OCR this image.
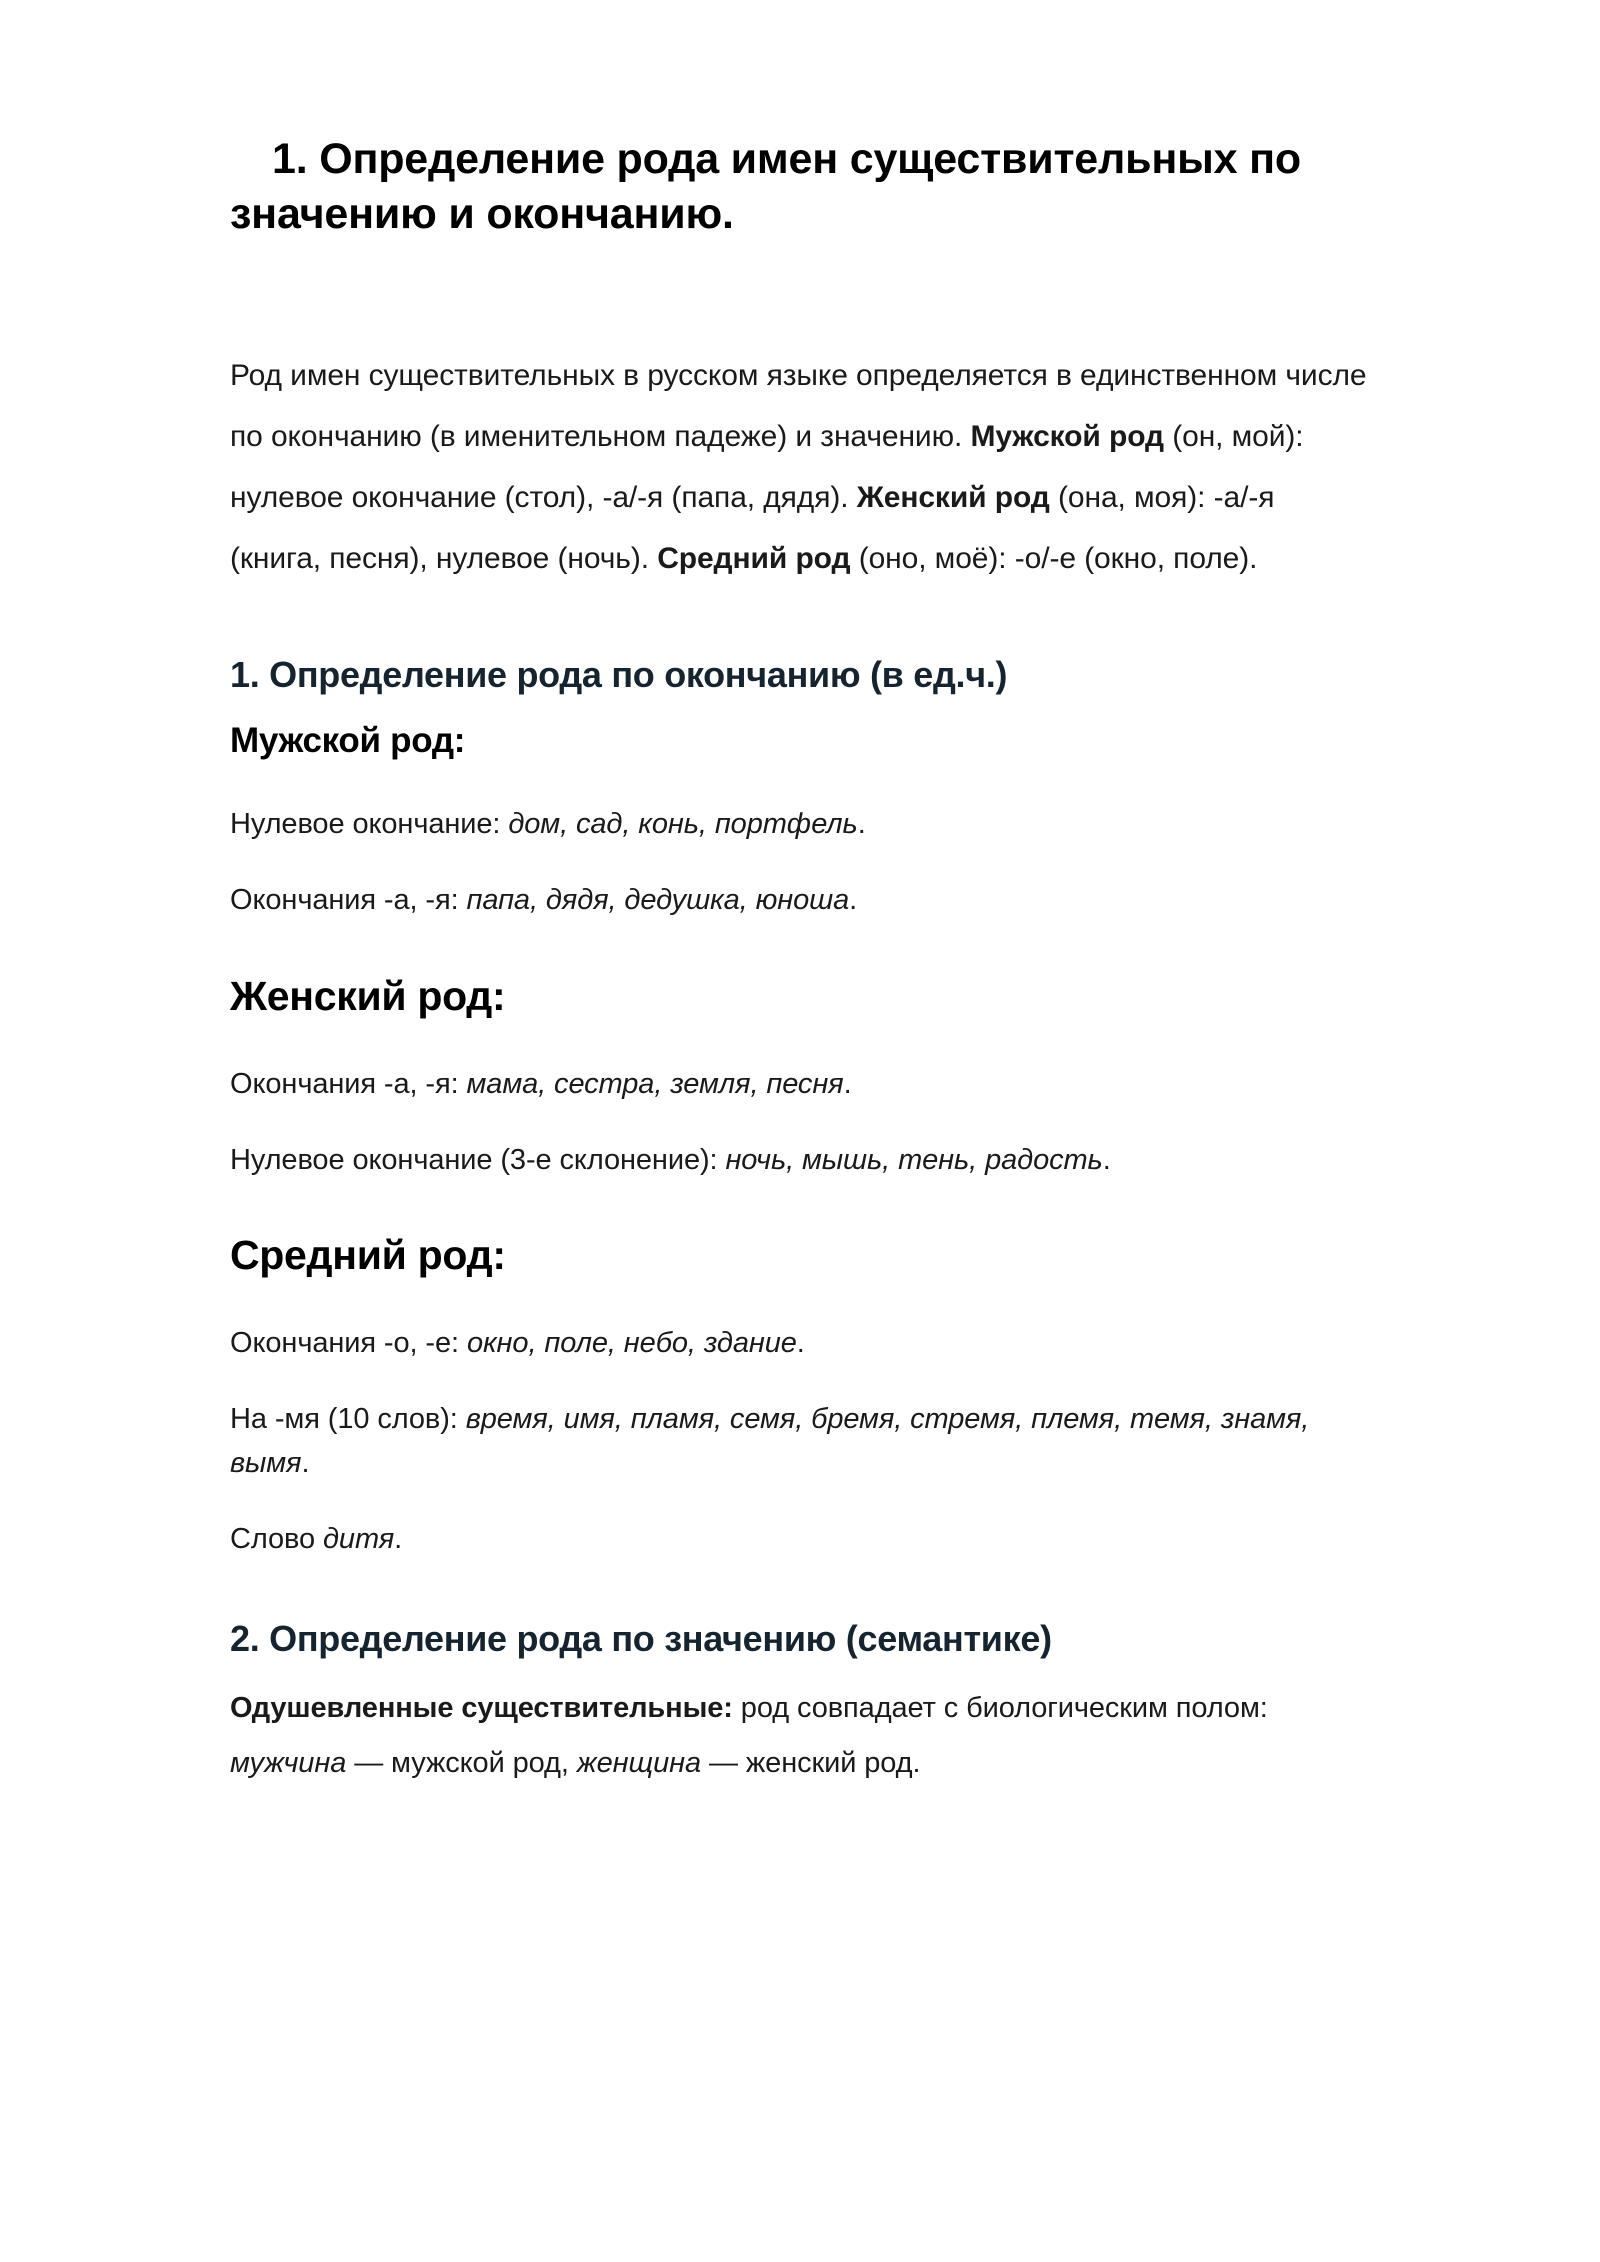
1. Определение рода имен существительных по значению и окончанию.

Род имен существительных в русском языке определяется в единственном числе по окончанию (в именительном падеже) и значению. Мужской род (он, мой): нулевое окончание (стол), -а/-я (папа, дядя). Женский род (она, моя): -а/-я (книга, песня), нулевое (ночь). Средний род (оно, моё): -о/-е (окно, поле).

1. Определение рода по окончанию (в ед.ч.)
Мужской род:

Нулевое окончание: дом, сад, конь, портфель.

Окончания -а, -я: папа, дядя, дедушка, юноша.

Женский род:

Окончания -а, -я: мама, сестра, земля, песня.

Нулевое окончание (3-е склонение): ночь, мышь, тень, радость.

Средний род:

Окончания -о, -е: окно, поле, небо, здание.

На -мя (10 слов): время, имя, пламя, семя, бремя, стремя, племя, темя, знамя, вымя.

Слово дитя.

2. Определение рода по значению (семантике)

Одушевленные существительные: род совпадает с биологическим полом: мужчина — мужской род, женщина — женский род.
